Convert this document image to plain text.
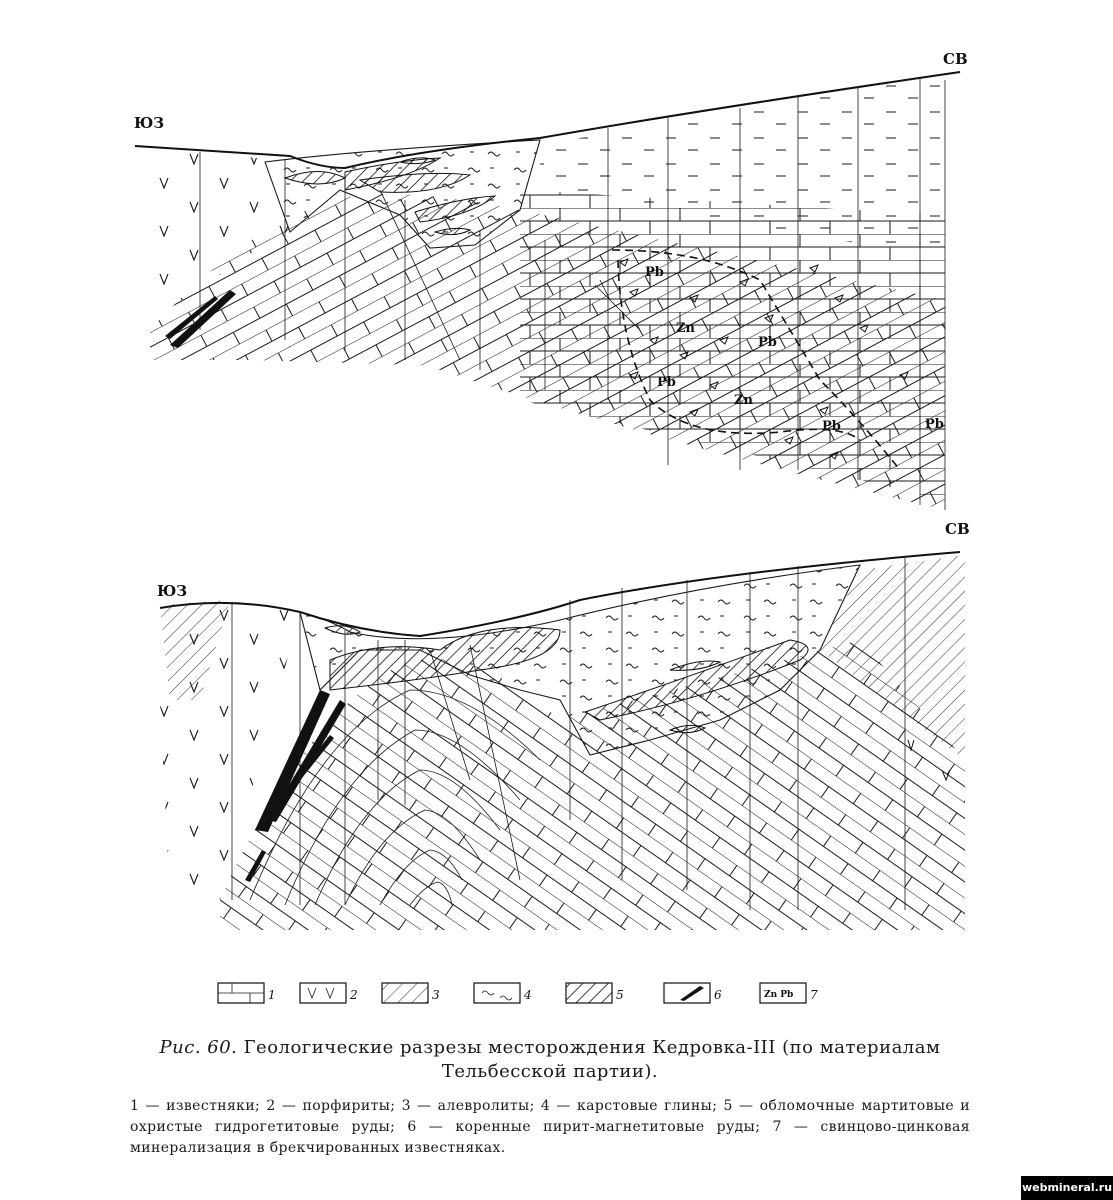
ЮЗ
СВ
Pb
Zn
Pb
Pb
Zn
Pb	Pb
ЮЗ
СВ
1	2	3	4	5	6	Zn Pb 7
Рис. 60. Геологические разрезы месторождения Кедровка-III (по материалам Тельбесской партии).
1 — известняки; 2 — порфириты; 3 — алевролиты; 4 — карстовые глины; 5 — обломочные мартитовые и охристые гидрогетитовые руды; 6 — коренные пирит-магнетитовые руды; 7 — свинцово-цинковая минерализация в брекчированных известняках.
webmineral.ru
